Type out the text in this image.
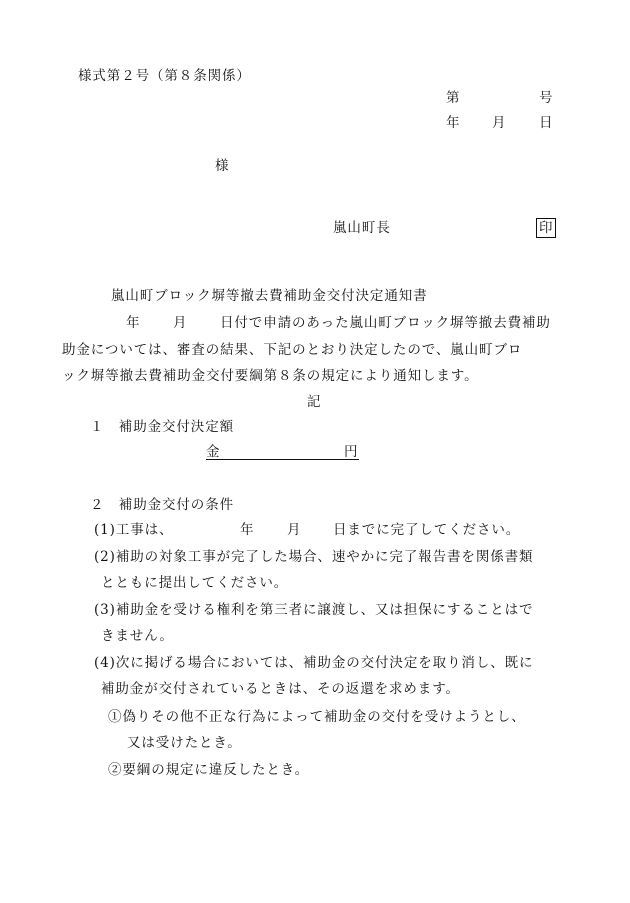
様式第２号（第８条関係）
第	号
年 月 日
様
嵐山町長	印
嵐山町ブロック塀等撤去費補助金交付決定通知書
年 月 日付で申請のあった嵐山町ブロック塀等撤去費補助
助金については、審査の結果、下記のとおり決定したので、嵐山町ブロ
ック塀等撤去費補助金交付要綱第８条の規定により通知します。
記
１　補助金交付決定額
金	円
２　補助金交付の条件
(1)工事は、	年 月 日までに完了してください。
(2)補助の対象工事が完了した場合、速やかに完了報告書を関係書類
とともに提出してください。
(3)補助金を受ける権利を第三者に譲渡し、又は担保にすることはで
きません。
(4)次に掲げる場合においては、補助金の交付決定を取り消し、既に
補助金が交付されているときは、その返還を求めます。
①偽りその他不正な行為によって補助金の交付を受けようとし、
又は受けたとき。
②要綱の規定に違反したとき。
